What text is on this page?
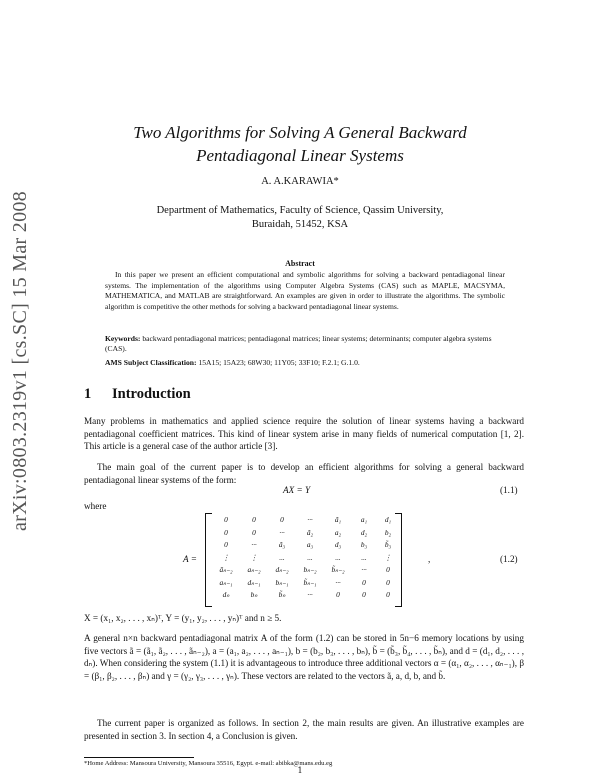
arXiv:0803.2319v1 [cs.SC] 15 Mar 2008
Two Algorithms for Solving A General Backward
Pentadiagonal Linear Systems
A. A.KARAWIA*
Department of Mathematics, Faculty of Science, Qassim University,
Buraidah, 51452, KSA
Abstract
In this paper we present an efficient computational and symbolic algorithms for solving a backward pentadiagonal linear systems. The implementation of the algorithms using Computer Algebra Systems (CAS) such as MAPLE, MACSYMA, MATHEMATICA, and MATLAB are straightforward. An examples are given in order to illustrate the algorithms. The symbolic algorithm is competitive the other methods for solving a backward pentadiagonal linear systems.
Keywords: backward pentadiagonal matrices; pentadiagonal matrices; linear systems; determinants; computer algebra systems (CAS).
AMS Subject Classification: 15A15; 15A23; 68W30; 11Y05; 33F10; F.2.1; G.1.0.
1 Introduction
Many problems in mathematics and applied science require the solution of linear systems having a backward pentadiagonal coefficient matrices. This kind of linear system arise in many fields of numerical computation [1, 2]. This article is a general case of the author article [3].
The main goal of the current paper is to develop an efficient algorithms for solving a general backward pentadiagonal linear systems of the form:
AX = Y	(1.1)
where
A =
0	0	0	···	ã₁	a₁	d₁
0	0	···	ã₂	a₂	d₂	b₂
0	···	ã₃	a₃	d₃	b₃	b̃₃
⋮	⋮	...	...	...	...	⋮
ãₙ₋₂	aₙ₋₂	dₙ₋₂	bₙ₋₂	b̃ₙ₋₂	···	0
aₙ₋₁	dₙ₋₁	bₙ₋₁	b̃ₙ₋₁	···	0	0
dₙ	bₙ	b̃ₙ	···	0	0	0
,	(1.2)
X = (x₁, x₂, . . . , xₙ)ᵀ, Y = (y₁, y₂, . . . , yₙ)ᵀ and n ≥ 5.
A general n×n backward pentadiagonal matrix A of the form (1.2) can be stored in 5n−6 memory locations by using five vectors ã = (ã₁, ã₂, . . . , ãₙ₋₂), a = (a₁, a₂, . . . , aₙ₋₁), b = (b₂, b₃, . . . , bₙ), b̃ = (b̃₃, b̃₄, . . . , b̃ₙ), and d = (d₁, d₂, . . . , dₙ). When considering the system (1.1) it is advantageous to introduce three additional vectors α = (α₁, α₂, . . . , αₙ₋₁), β = (β₁, β₂, . . . , βₙ) and γ = (γ₂, γ₃, . . . , γₙ). These vectors are related to the vectors ã, a, d, b, and b̃.
The current paper is organized as follows. In section 2, the main results are given. An illustrative examples are presented in section 3. In section 4, a Conclusion is given.
*Home Address: Mansoura University, Mansoura 35516, Egypt. e-mail: abibka@mans.edu.eg
1
